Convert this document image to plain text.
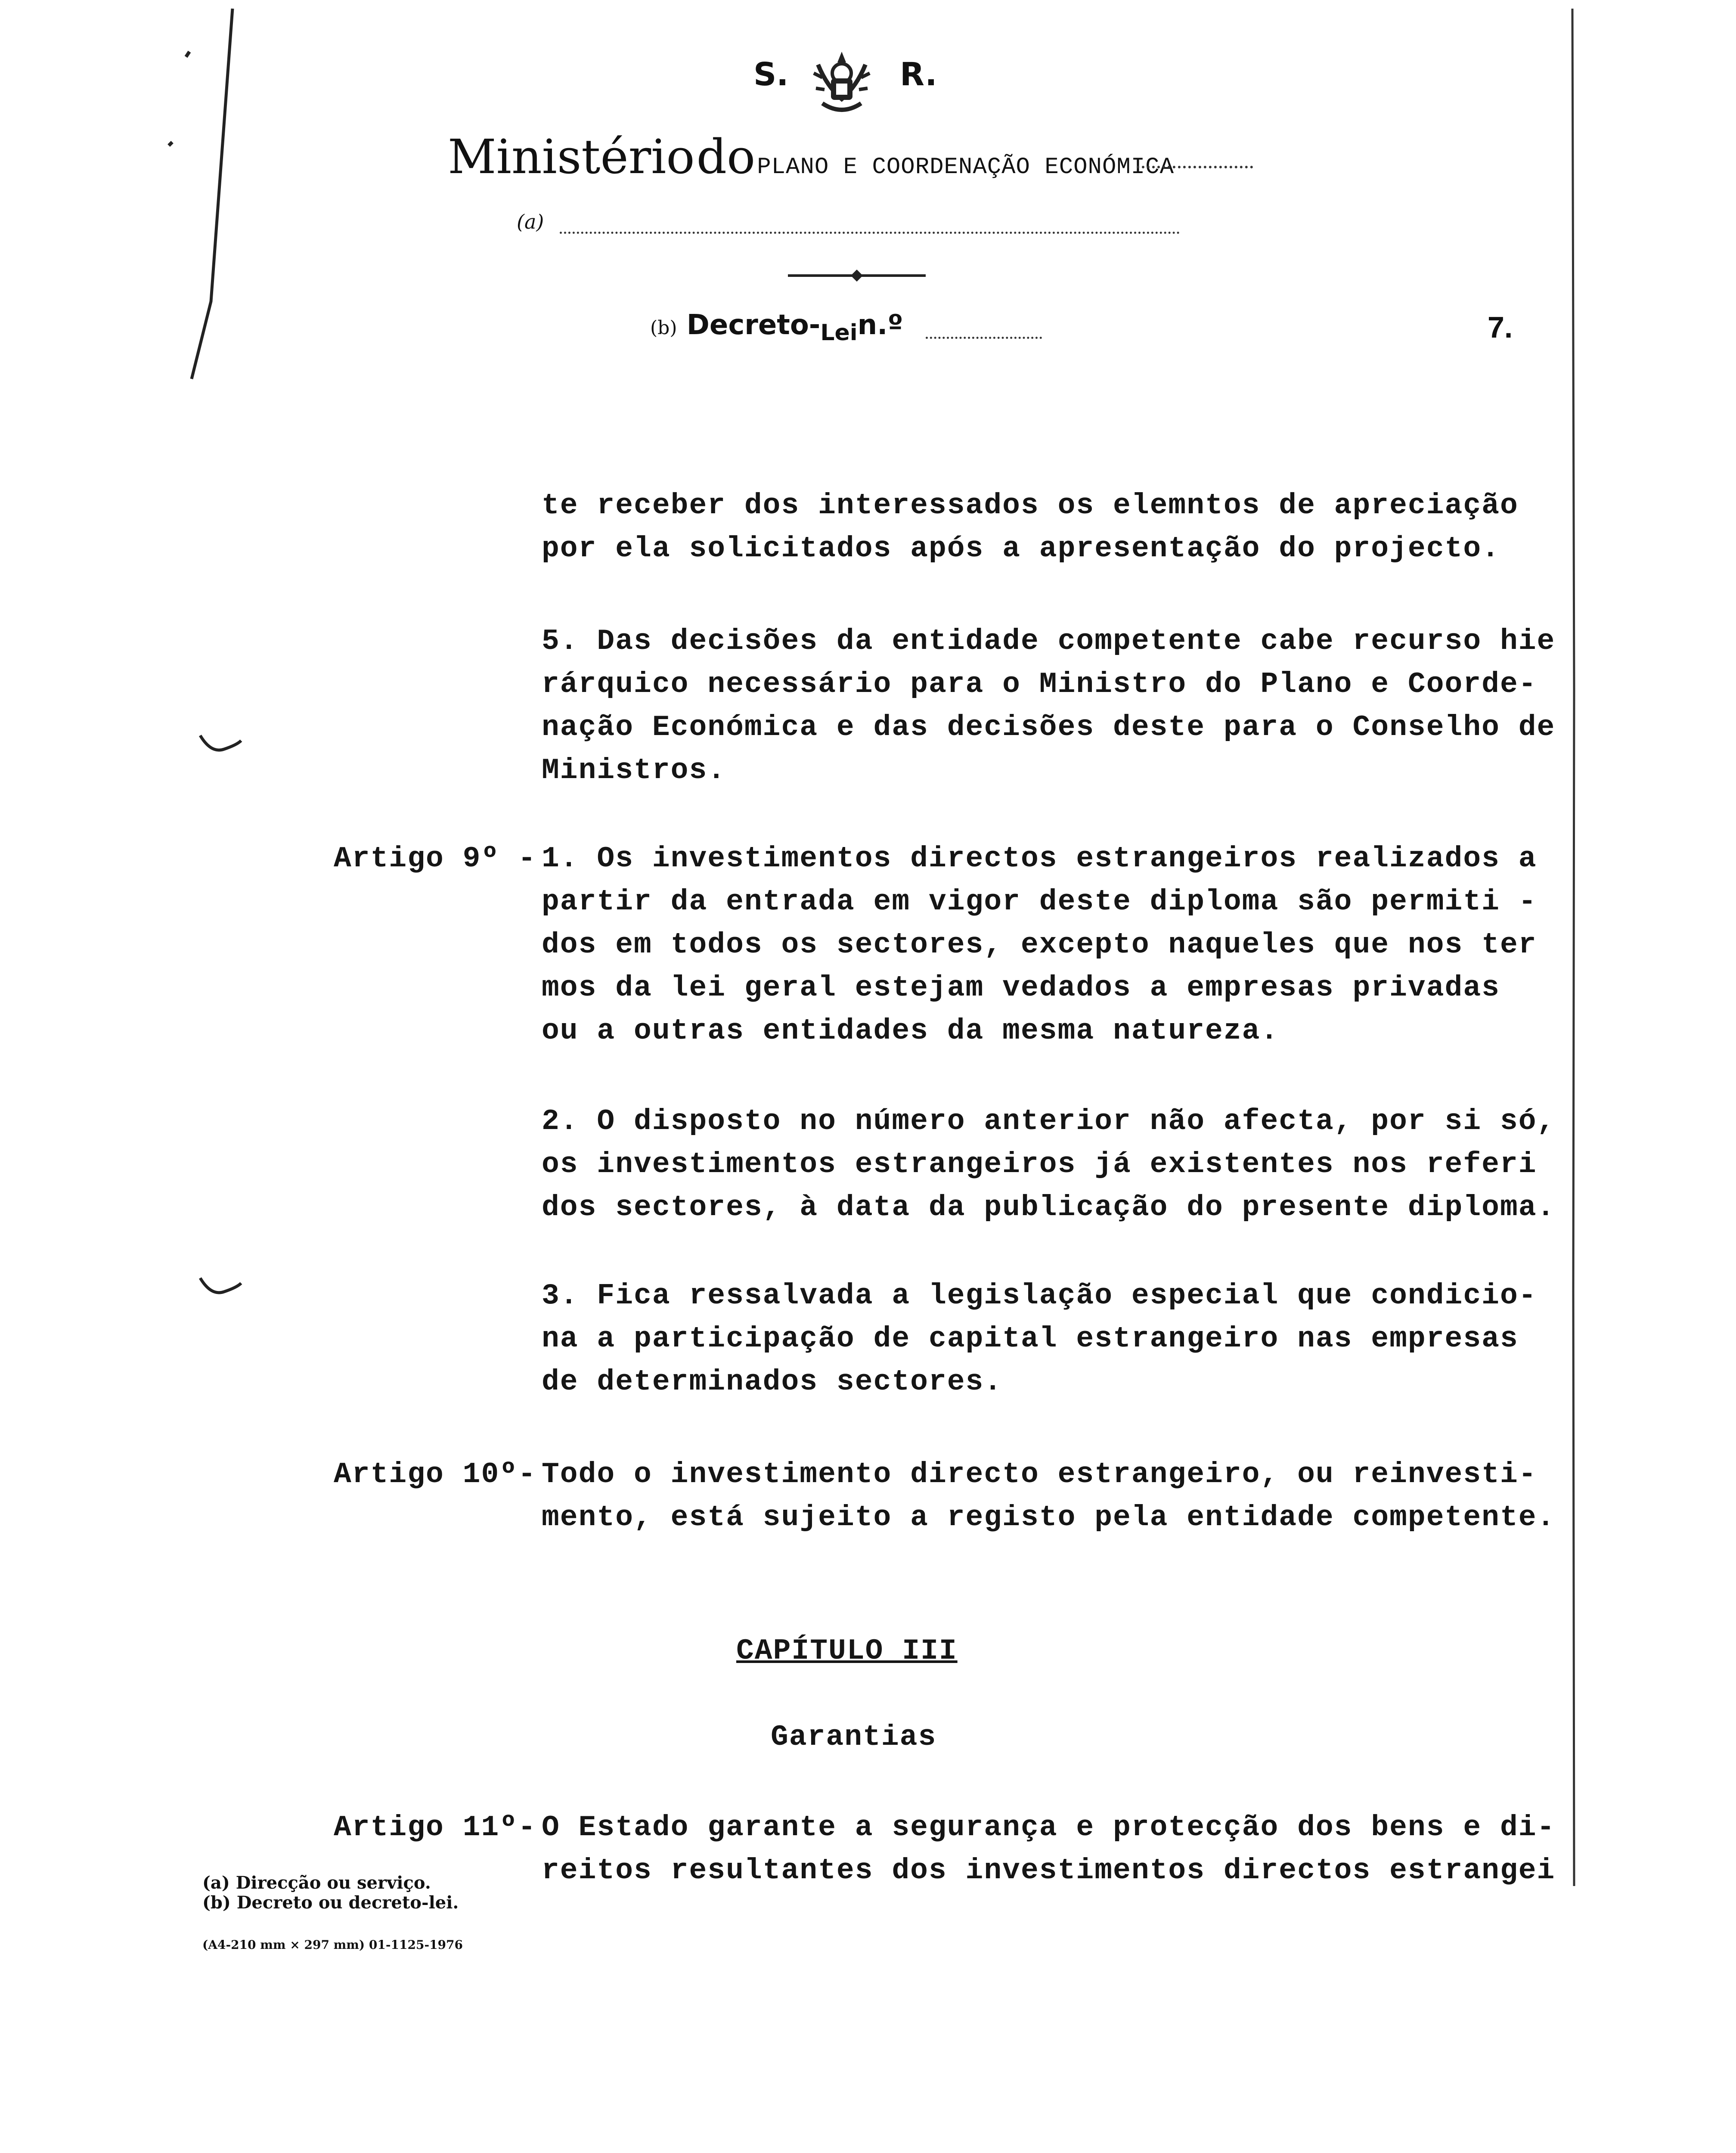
S.	R.
Ministério do PLANO E COORDENAÇÃO ECONÓMICA
(a)
(b) Decreto-$_{Lei}n.º$	7.
te receber dos interessados os elemntos de apreciação
por ela solicitados após a apresentação do projecto.
5. Das decisões da entidade competente cabe recurso hie
rárquico necessário para o Ministro do Plano e Coorde-
nação Económica e das decisões deste para o Conselho de
Ministros.
Artigo 9º - 1. Os investimentos directos estrangeiros realizados a
partir da entrada em vigor deste diploma são permiti -
dos em todos os sectores, excepto naqueles que nos ter
mos da lei geral estejam vedados a empresas privadas
ou a outras entidades da mesma natureza.
2. O disposto no número anterior não afecta, por si só,
os investimentos estrangeiros já existentes nos referi
dos sectores, à data da publicação do presente diploma.
3. Fica ressalvada a legislação especial que condicio-
na a participação de capital estrangeiro nas empresas
de determinados sectores.
Artigo 10º- Todo o investimento directo estrangeiro, ou reinvesti-
mento, está sujeito a registo pela entidade competente.
CAPÍTULO III
Garantias
Artigo 11º- O Estado garante a segurança e protecção dos bens e di-
reitos resultantes dos investimentos directos estrangei
(a) Direcção ou serviço.
(b) Decreto ou decreto-lei.
(A4-210 mm × 297 mm) 01-1125-1976
